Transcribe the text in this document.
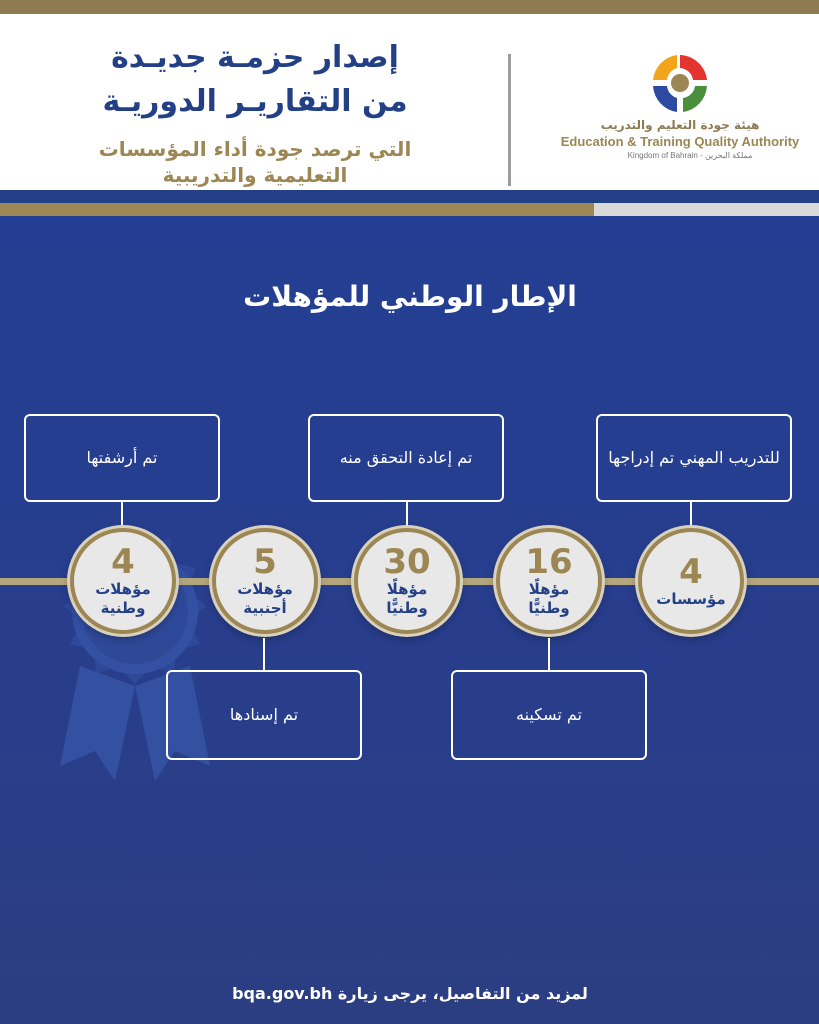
إصدار حزمـة جديـدة
من التقاريـر الدوريـة
التي ترصد جودة أداء المؤسسات
التعليمية والتدريبية
هيئة جودة التعليم والتدريب
Education & Training Quality Authority
Kingdom of Bahrain - مملكة البحرين
الإطار الوطني للمؤهلات
للتدريب المهني تم إدراجها
تم إعادة التحقق منه
تم أرشفتها
4
مؤسسات
16
مؤهلًا وطنيًّا
30
مؤهلًا وطنيًّا
5
مؤهلات أجنبية
4
مؤهلات وطنية
تم تسكينه
تم إسنادها
لمزيد من التفاصيل، يرجى زيارة bqa.gov.bh
